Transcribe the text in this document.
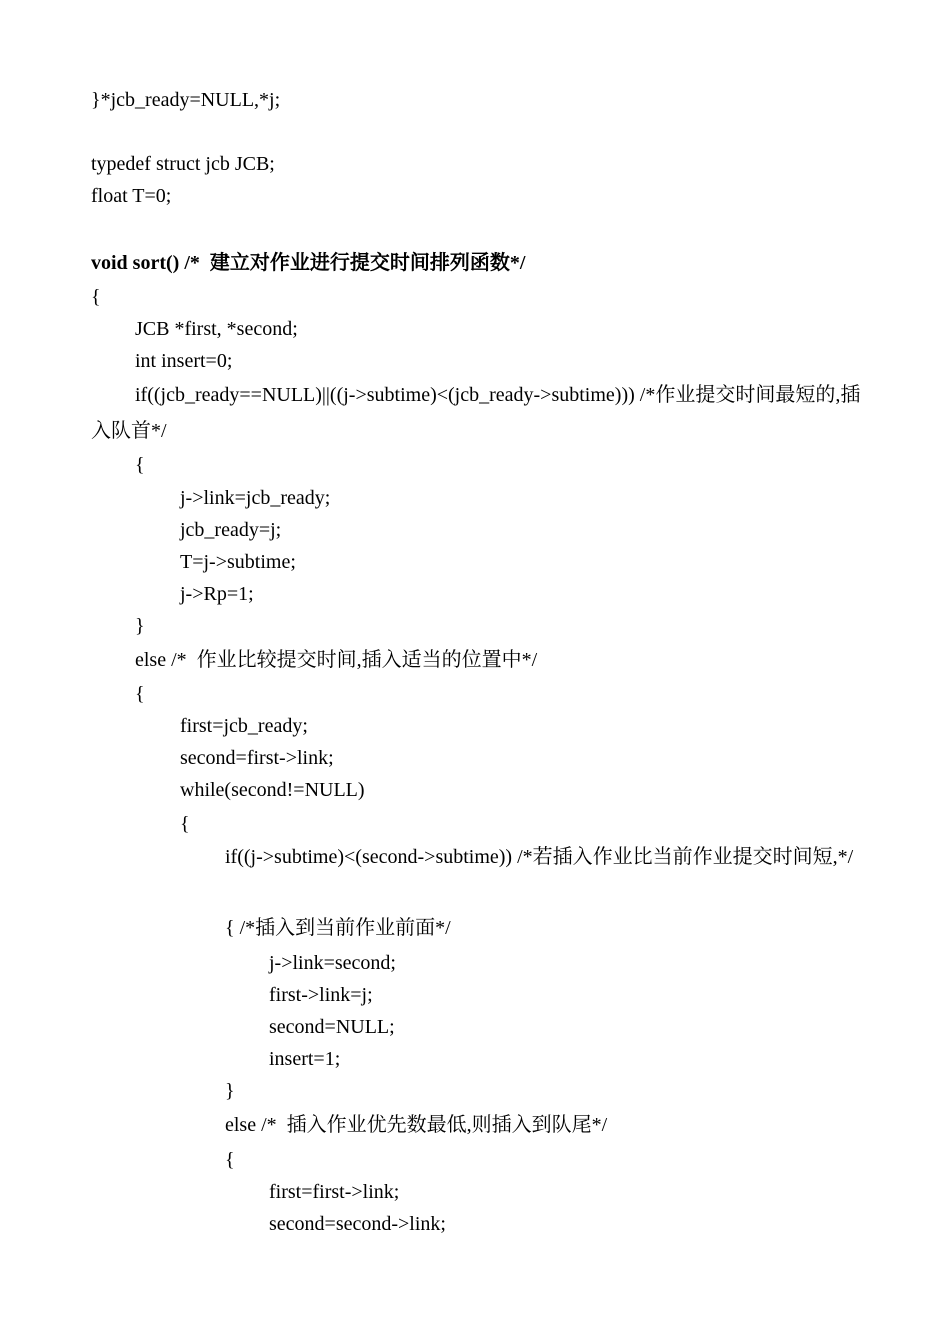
}*jcb_ready=NULL,*j;
typedef struct jcb JCB;
float T=0;
void sort() /*  建立对作业进行提交时间排列函数*/
{
JCB *first, *second;
int insert=0;
if((jcb_ready==NULL)||((j->subtime)<(jcb_ready->subtime))) /*作业提交时间最短的,插入队首*/
{
j->link=jcb_ready;
jcb_ready=j;
T=j->subtime;
j->Rp=1;
}
else /*  作业比较提交时间,插入适当的位置中*/
{
first=jcb_ready;
second=first->link;
while(second!=NULL)
{
if((j->subtime)<(second->subtime)) /*若插入作业比当前作业提交时间短,*/
{ /*插入到当前作业前面*/
j->link=second;
first->link=j;
second=NULL;
insert=1;
}
else /*  插入作业优先数最低,则插入到队尾*/
{
first=first->link;
second=second->link;
